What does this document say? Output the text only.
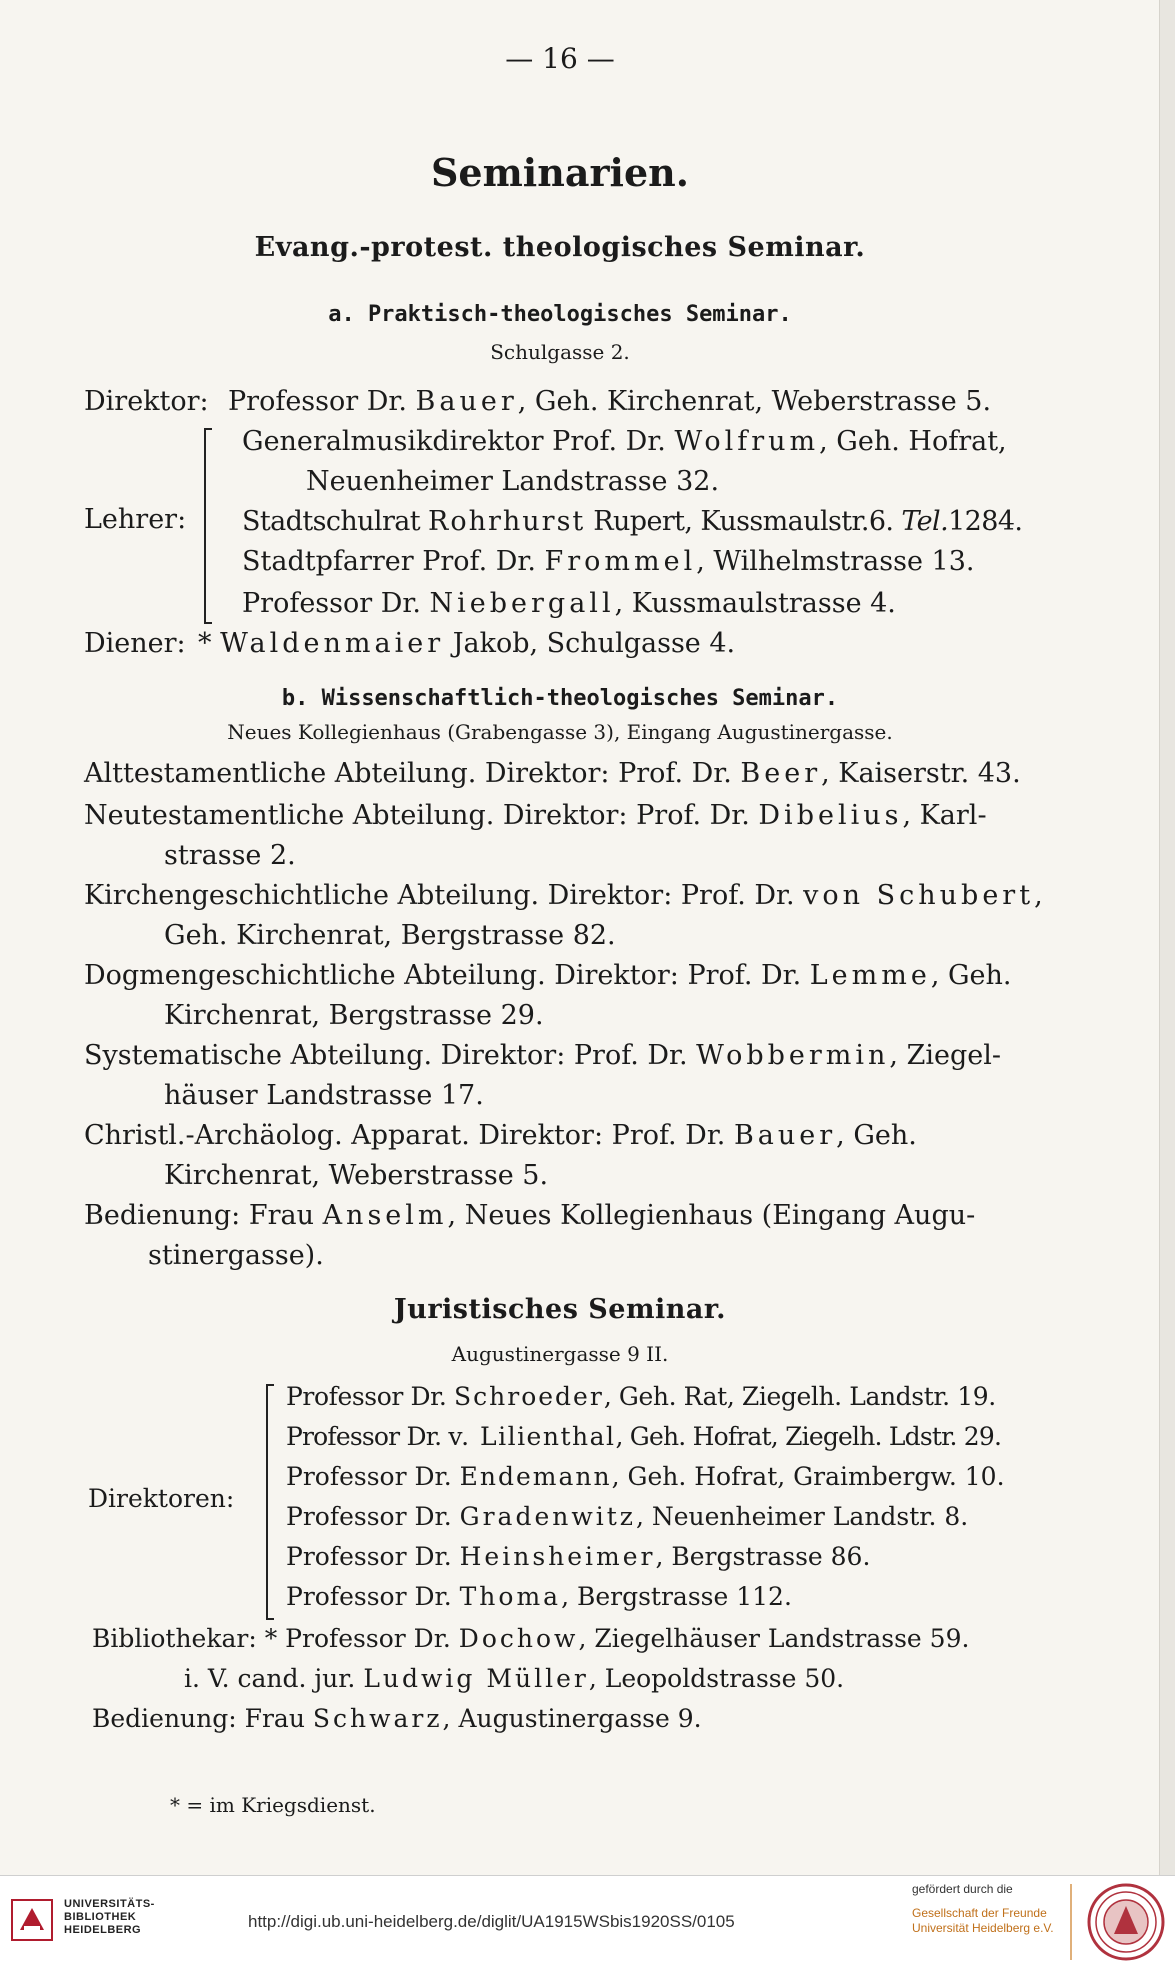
— 16 —
Seminarien.
Evang.-protest. theologisches Seminar.
a. Praktisch-theologisches Seminar.
Schulgasse 2.
Direktor: Professor Dr. Bauer, Geh. Kirchenrat, Weberstrasse 5.
Lehrer:
Generalmusikdirektor Prof. Dr. Wolfrum, Geh. Hofrat,
Neuenheimer Landstrasse 32.
Stadtschulrat Rohrhurst Rupert, Kussmaulstr.6. Tel.1284.
Stadtpfarrer Prof. Dr. Frommel, Wilhelmstrasse 13.
Professor Dr. Niebergall, Kussmaulstrasse 4.
Diener: * Waldenmaier Jakob, Schulgasse 4.
b. Wissenschaftlich-theologisches Seminar.
Neues Kollegienhaus (Grabengasse 3), Eingang Augustinergasse.
Alttestamentliche Abteilung. Direktor: Prof. Dr. Beer, Kaiserstr. 43.
Neutestamentliche Abteilung. Direktor: Prof. Dr. Dibelius, Karl-
strasse 2.
Kirchengeschichtliche Abteilung. Direktor: Prof. Dr. von Schubert,
Geh. Kirchenrat, Bergstrasse 82.
Dogmengeschichtliche Abteilung. Direktor: Prof. Dr. Lemme, Geh.
Kirchenrat, Bergstrasse 29.
Systematische Abteilung. Direktor: Prof. Dr. Wobbermin, Ziegel-
häuser Landstrasse 17.
Christl.-Archäolog. Apparat. Direktor: Prof. Dr. Bauer, Geh.
Kirchenrat, Weberstrasse 5.
Bedienung: Frau Anselm, Neues Kollegienhaus (Eingang Augu-
stinergasse).
Juristisches Seminar.
Augustinergasse 9 II.
Direktoren:
Professor Dr. Schroeder, Geh. Rat, Ziegelh. Landstr. 19.
Professor Dr. v. Lilienthal, Geh. Hofrat, Ziegelh. Ldstr. 29.
Professor Dr. Endemann, Geh. Hofrat, Graimbergw. 10.
Professor Dr. Gradenwitz, Neuenheimer Landstr. 8.
Professor Dr. Heinsheimer, Bergstrasse 86.
Professor Dr. Thoma, Bergstrasse 112.
Bibliothekar: * Professor Dr. Dochow, Ziegelhäuser Landstrasse 59.
i. V. cand. jur. Ludwig Müller, Leopoldstrasse 50.
Bedienung: Frau Schwarz, Augustinergasse 9.
* = im Kriegsdienst.
UNIVERSITÄTS-
BIBLIOTHEK
HEIDELBERG	http://digi.ub.uni-heidelberg.de/diglit/UA1915WSbis1920SS/0105
gefördert durch die
Gesellschaft der Freunde
Universität Heidelberg e.V.
